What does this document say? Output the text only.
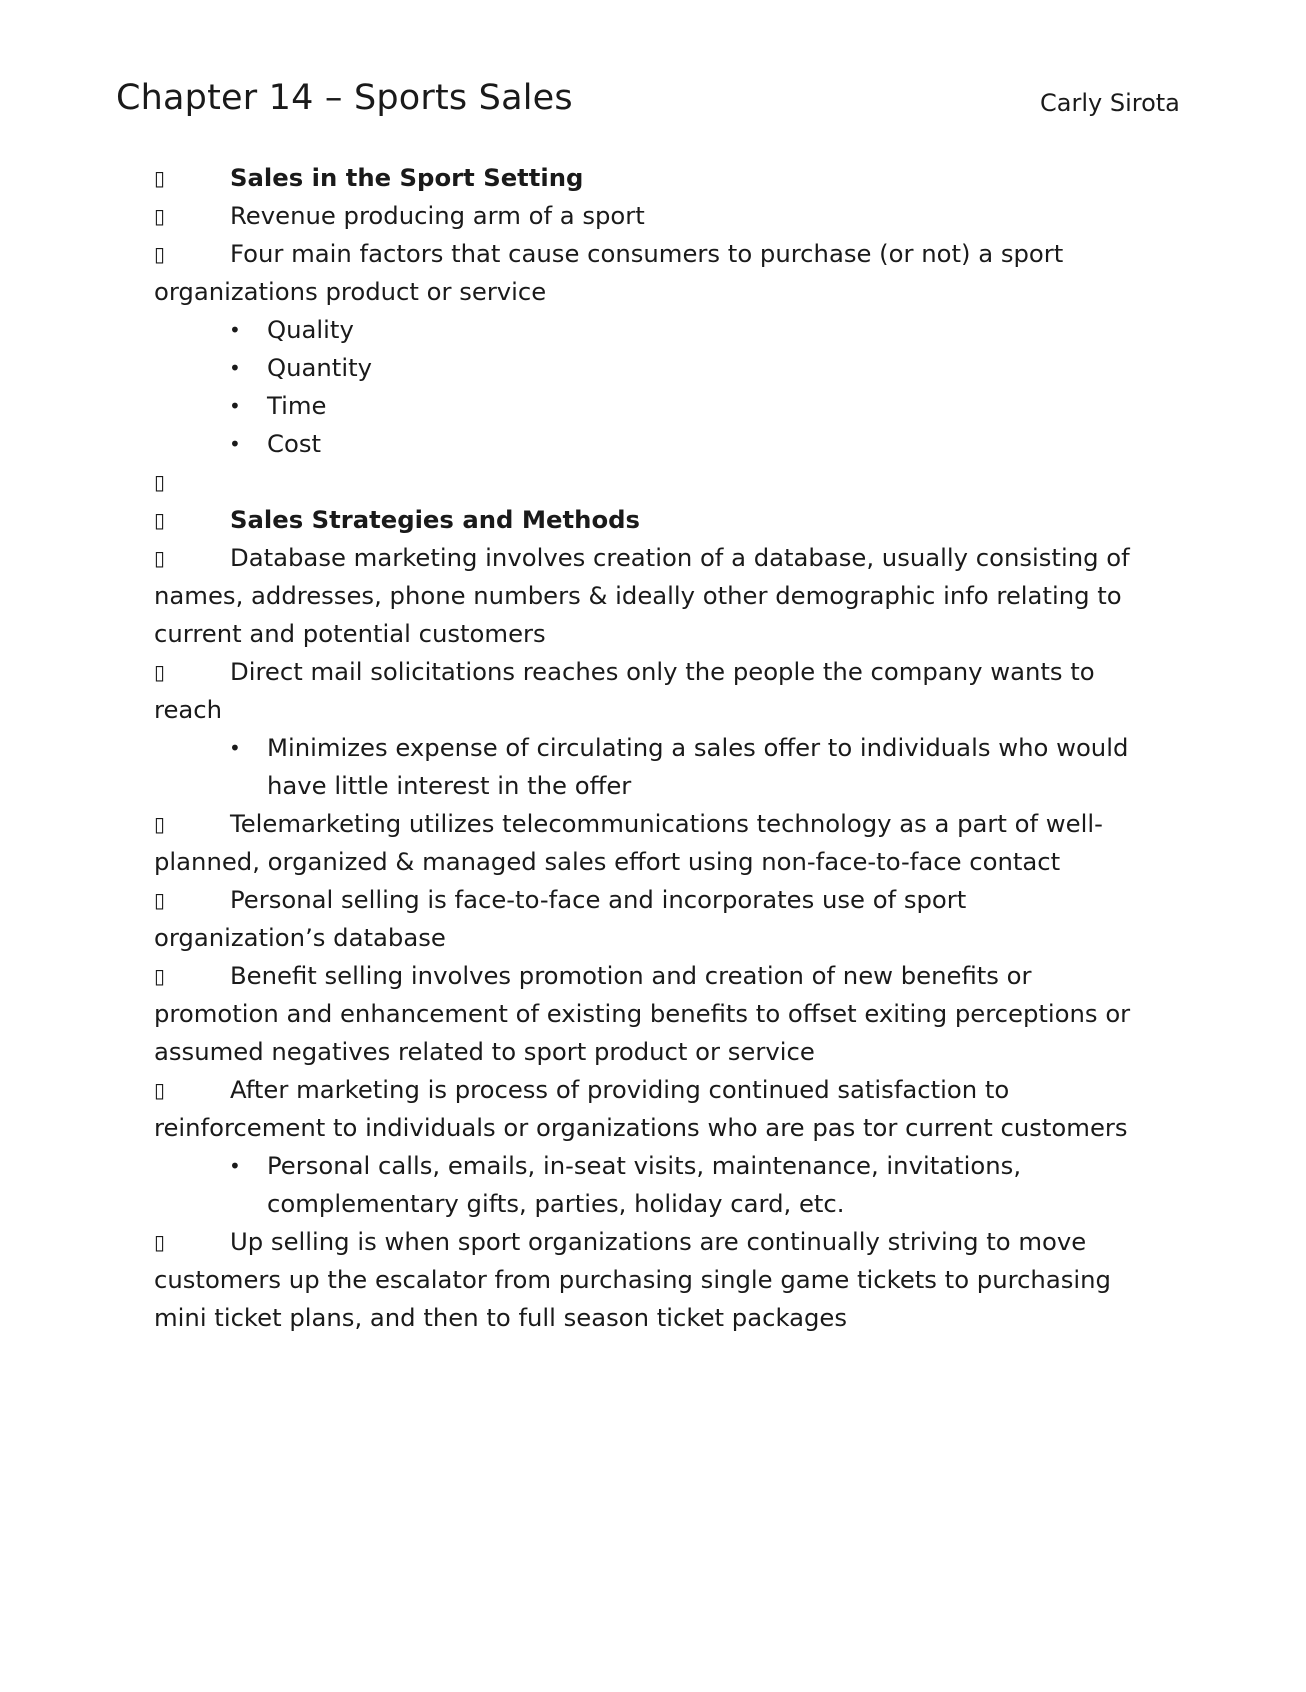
Chapter 14 – Sports Sales	Carly Sirota

▯	Sales in the Sport Setting

▯	Revenue producing arm of a sport

▯	Four main factors that cause consumers to purchase (or not) a sport organizations product or service

• Quality
• Quantity
• Time
• Cost

▯

▯	Sales Strategies and Methods

▯	Database marketing involves creation of a database, usually consisting of names, addresses, phone numbers & ideally other demographic info relating to current and potential customers

▯	Direct mail solicitations reaches only the people the company wants to reach

• Minimizes expense of circulating a sales offer to individuals who would have little interest in the offer

▯	Telemarketing utilizes telecommunications technology as a part of well-planned, organized & managed sales effort using non-face-to-face contact

▯	Personal selling is face-to-face and incorporates use of sport organization’s database

▯	Benefit selling involves promotion and creation of new benefits or promotion and enhancement of existing benefits to offset exiting perceptions or assumed negatives related to sport product or service

▯	After marketing is process of providing continued satisfaction to reinforcement to individuals or organizations who are pas tor current customers

• Personal calls, emails, in-seat visits, maintenance, invitations, complementary gifts, parties, holiday card, etc.

▯	Up selling is when sport organizations are continually striving to move customers up the escalator from purchasing single game tickets to purchasing mini ticket plans, and then to full season ticket packages
